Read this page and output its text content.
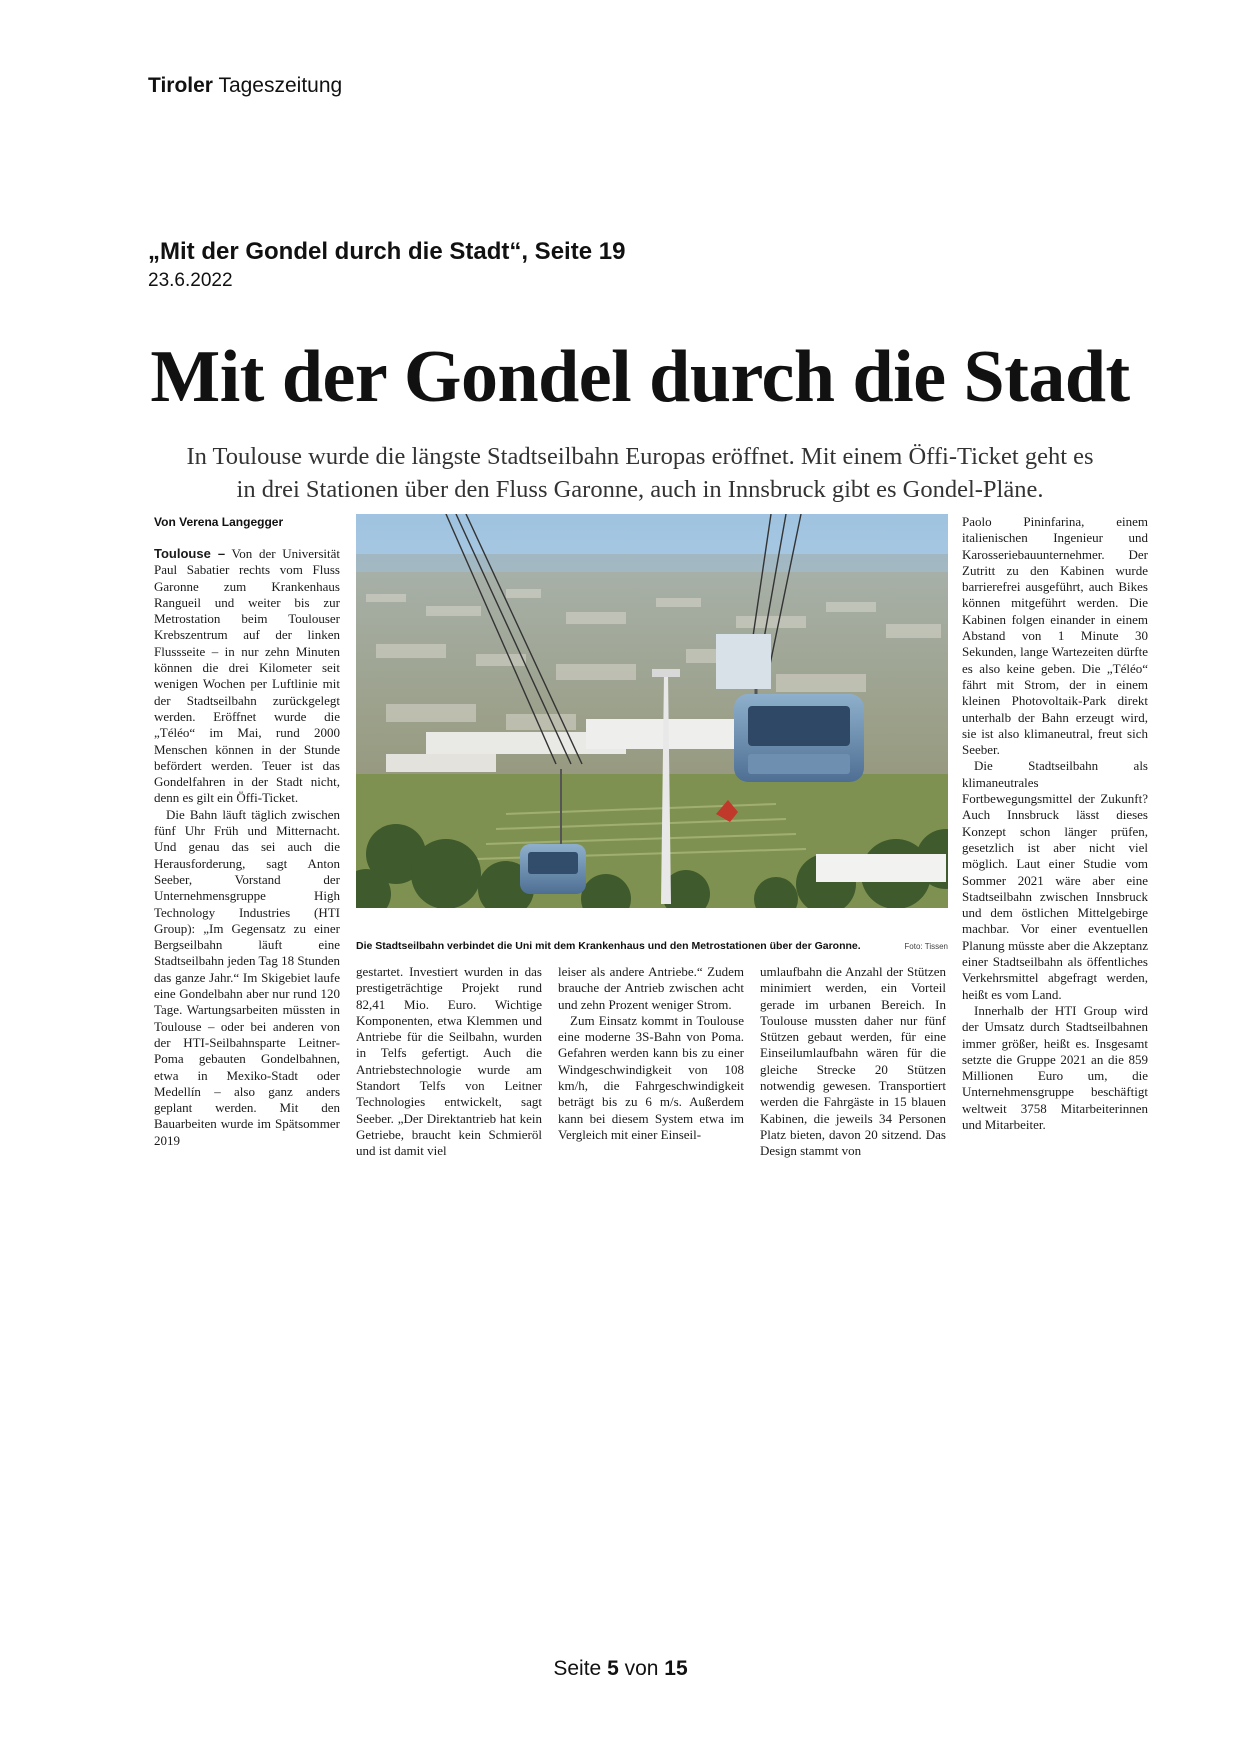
Tiroler Tageszeitung
„Mit der Gondel durch die Stadt“, Seite 19
23.6.2022
Mit der Gondel durch die Stadt
In Toulouse wurde die längste Stadtseilbahn Europas eröffnet. Mit einem Öffi-Ticket geht es
in drei Stationen über den Fluss Garonne, auch in Innsbruck gibt es Gondel-Pläne.
Von Verena Langegger

Toulouse – Von der Universität Paul Sabatier rechts vom Fluss Garonne zum Krankenhaus Rangueil und weiter bis zur Metrostation beim Toulouser Krebszentrum auf der linken Flussseite – in nur zehn Minuten können die drei Kilometer seit wenigen Wochen per Luftlinie mit der Stadtseilbahn zurückgelegt werden. Eröffnet wurde die „Téléo“ im Mai, rund 2000 Menschen können in der Stunde befördert werden. Teuer ist das Gondelfahren in der Stadt nicht, denn es gilt ein Öffi-Ticket.

Die Bahn läuft täglich zwischen fünf Uhr Früh und Mitternacht. Und genau das sei auch die Herausforderung, sagt Anton Seeber, Vorstand der Unternehmensgruppe High Technology Industries (HTI Group): „Im Gegensatz zu einer Bergseilbahn läuft eine Stadtseilbahn jeden Tag 18 Stunden das ganze Jahr.“ Im Skigebiet laufe eine Gondelbahn aber nur rund 120 Tage. Wartungsarbeiten müssten in Toulouse – oder bei anderen von der HTI-Seilbahnsparte Leitner-Poma gebauten Gondelbahnen, etwa in Mexiko-Stadt oder Medellín – also ganz anders geplant werden. Mit den Bauarbeiten wurde im Spätsommer 2019

Die Stadtseilbahn verbindet die Uni mit dem Krankenhaus und den Metrostationen über der Garonne.	Foto: Tissen

gestartet. Investiert wurden in das prestigeträchtige Projekt rund 82,41 Mio. Euro. Wichtige Komponenten, etwa Klemmen und Antriebe für die Seilbahn, wurden in Telfs gefertigt. Auch die Antriebstechnologie wurde am Standort Telfs von Leitner Technologies entwickelt, sagt Seeber. „Der Direktantrieb hat kein Getriebe, braucht kein Schmieröl und ist damit viel

leiser als andere Antriebe.“ Zudem brauche der Antrieb zwischen acht und zehn Prozent weniger Strom.

Zum Einsatz kommt in Toulouse eine moderne 3S-Bahn von Poma. Gefahren werden kann bis zu einer Windgeschwindigkeit von 108 km/h, die Fahrgeschwindigkeit beträgt bis zu 6 m/s. Außerdem kann bei diesem System etwa im Vergleich mit einer Einseil-

umlaufbahn die Anzahl der Stützen minimiert werden, ein Vorteil gerade im urbanen Bereich. In Toulouse mussten daher nur fünf Stützen gebaut werden, für eine Einseilumlaufbahn wären für die gleiche Strecke 20 Stützen notwendig gewesen. Transportiert werden die Fahrgäste in 15 blauen Kabinen, die jeweils 34 Personen Platz bieten, davon 20 sitzend. Das Design stammt von

Paolo Pininfarina, einem italienischen Ingenieur und Karosseriebauunternehmer. Der Zutritt zu den Kabinen wurde barrierefrei ausgeführt, auch Bikes können mitgeführt werden. Die Kabinen folgen einander in einem Abstand von 1 Minute 30 Sekunden, lange Wartezeiten dürfte es also keine geben. Die „Téléo“ fährt mit Strom, der in einem kleinen Photovoltaik-Park direkt unterhalb der Bahn erzeugt wird, sie ist also klimaneutral, freut sich Seeber.

Die Stadtseilbahn als klimaneutrales Fortbewegungsmittel der Zukunft? Auch Innsbruck lässt dieses Konzept schon länger prüfen, gesetzlich ist aber nicht viel möglich. Laut einer Studie vom Sommer 2021 wäre aber eine Stadtseilbahn zwischen Innsbruck und dem östlichen Mittelgebirge machbar. Vor einer eventuellen Planung müsste aber die Akzeptanz einer Stadtseilbahn als öffentliches Verkehrsmittel abgefragt werden, heißt es vom Land.

Innerhalb der HTI Group wird der Umsatz durch Stadtseilbahnen immer größer, heißt es. Insgesamt setzte die Gruppe 2021 an die 859 Millionen Euro um, die Unternehmensgruppe beschäftigt weltweit 3758 Mitarbeiterinnen und Mitarbeiter.

Seite 5 von 15
